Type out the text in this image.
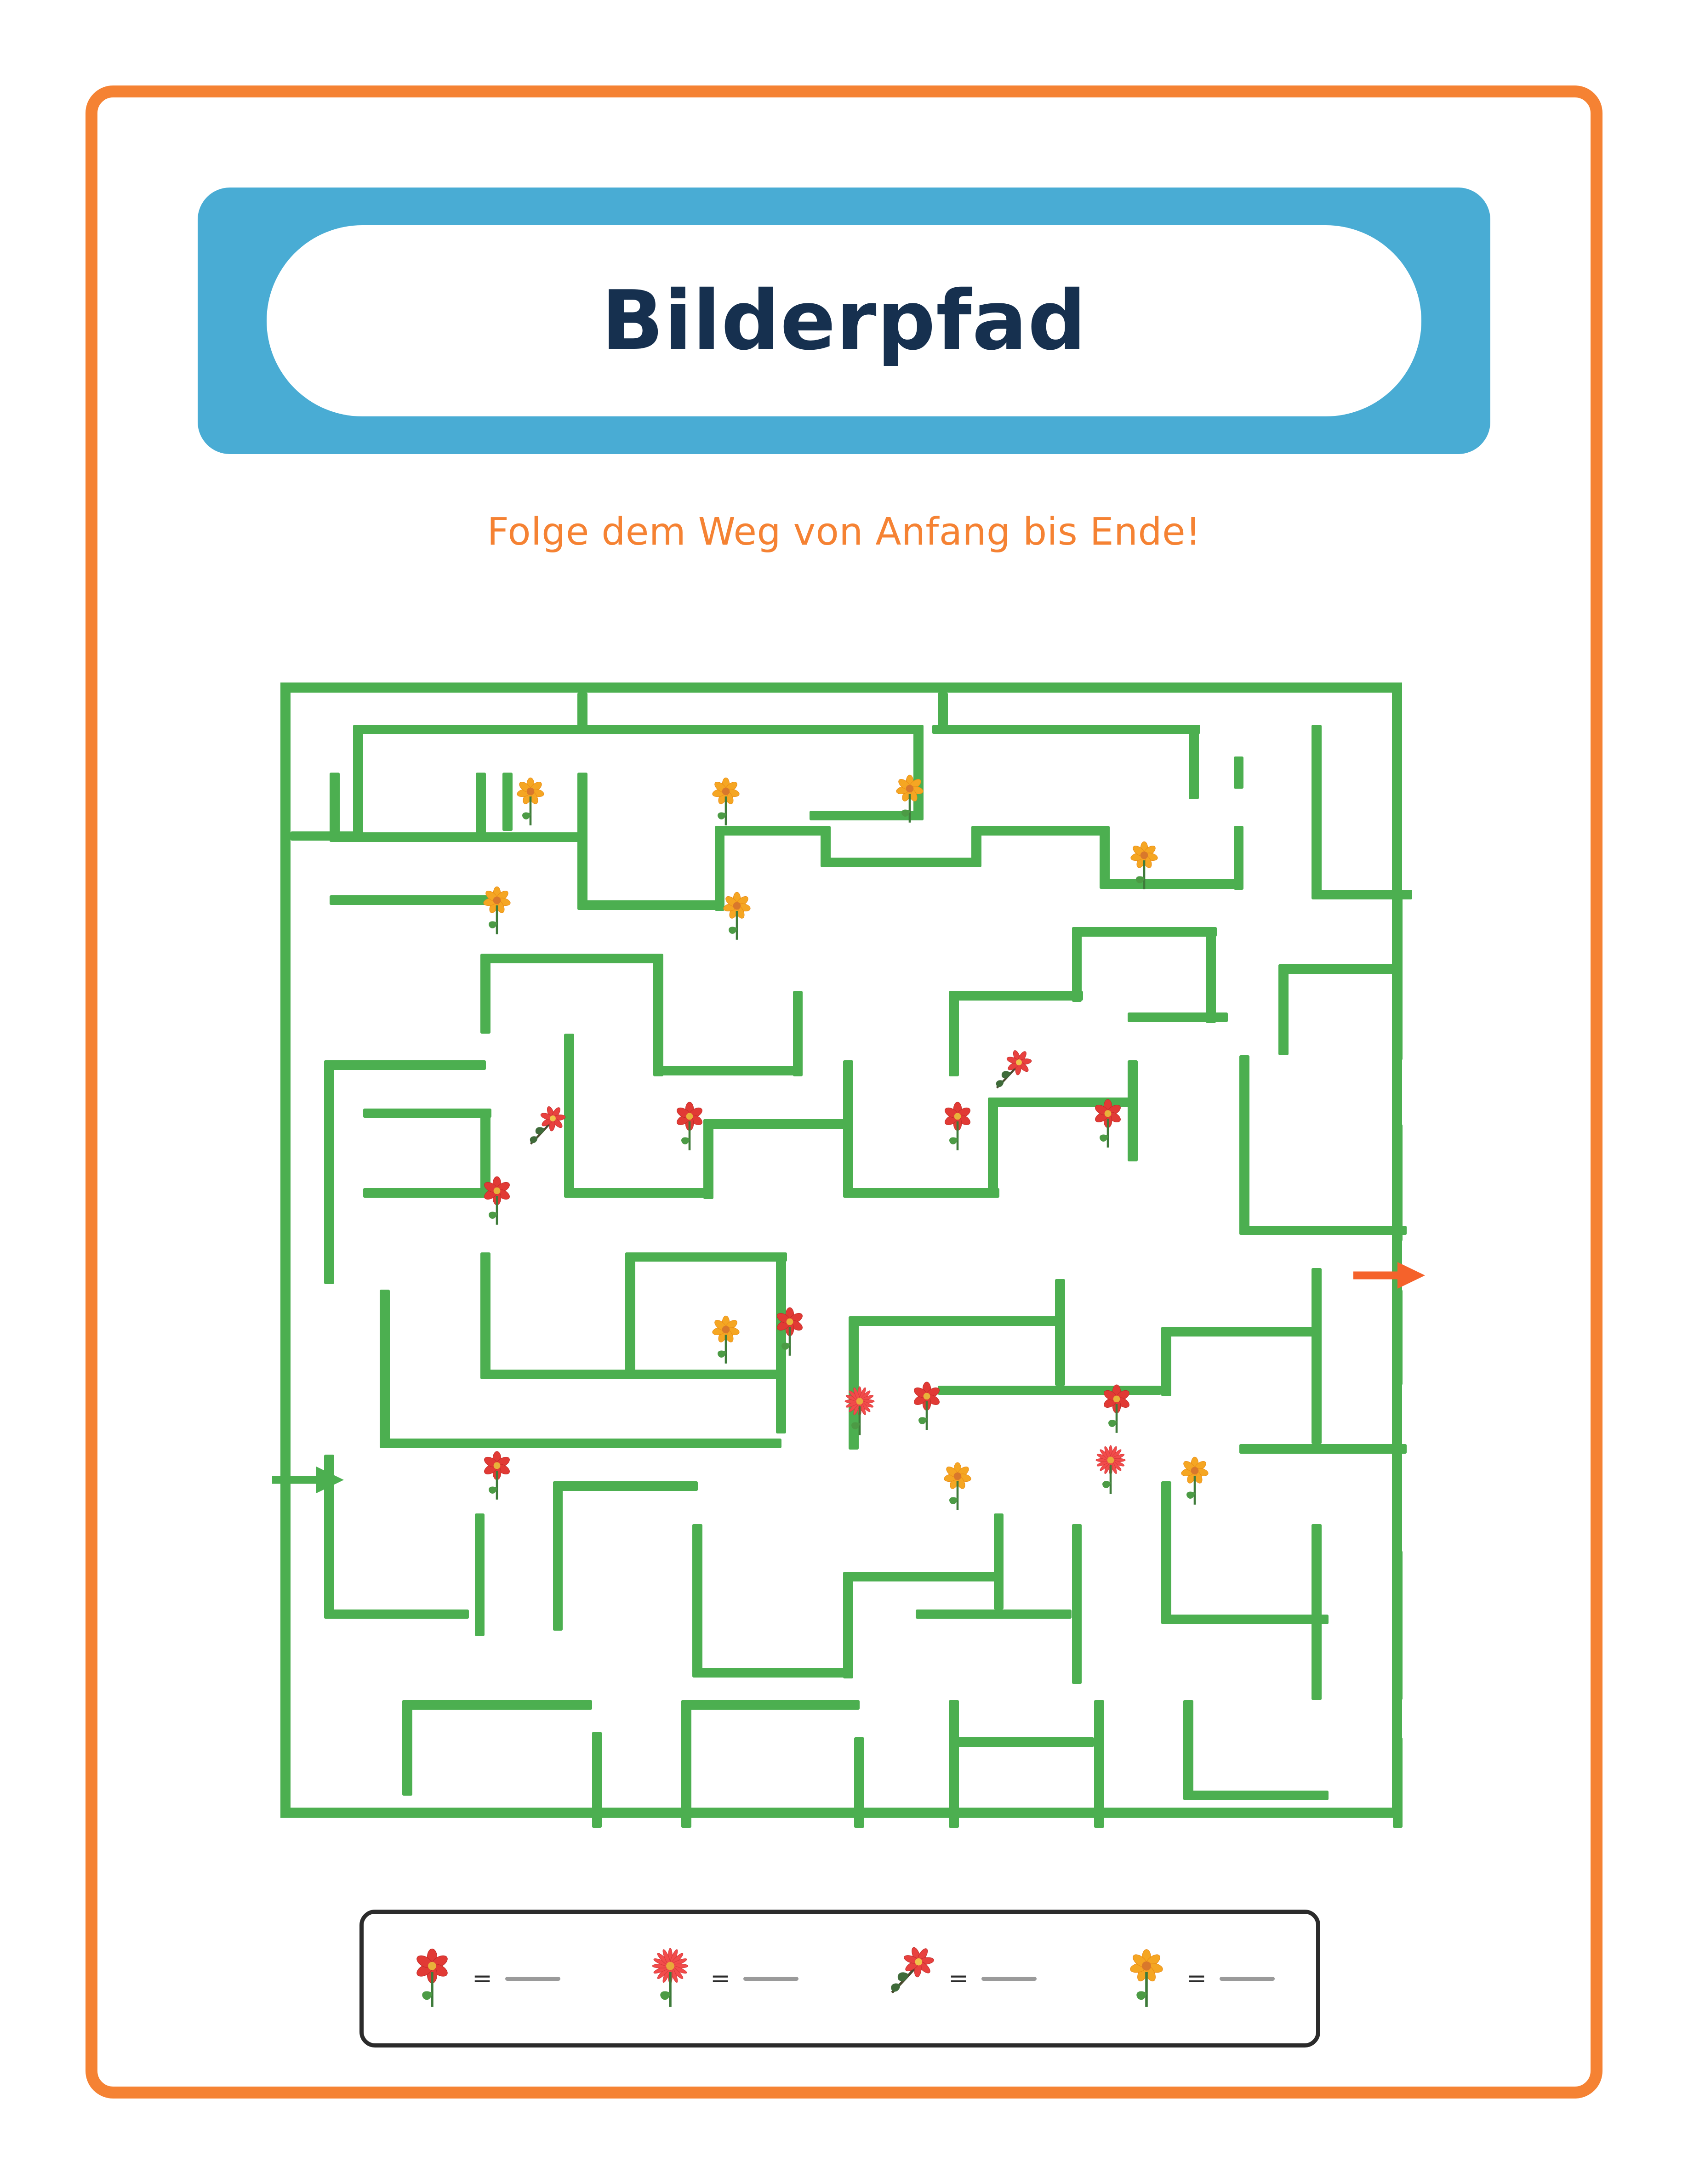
Bilderpfad
Folge dem Weg von Anfang bis Ende!
=	=	=	=
